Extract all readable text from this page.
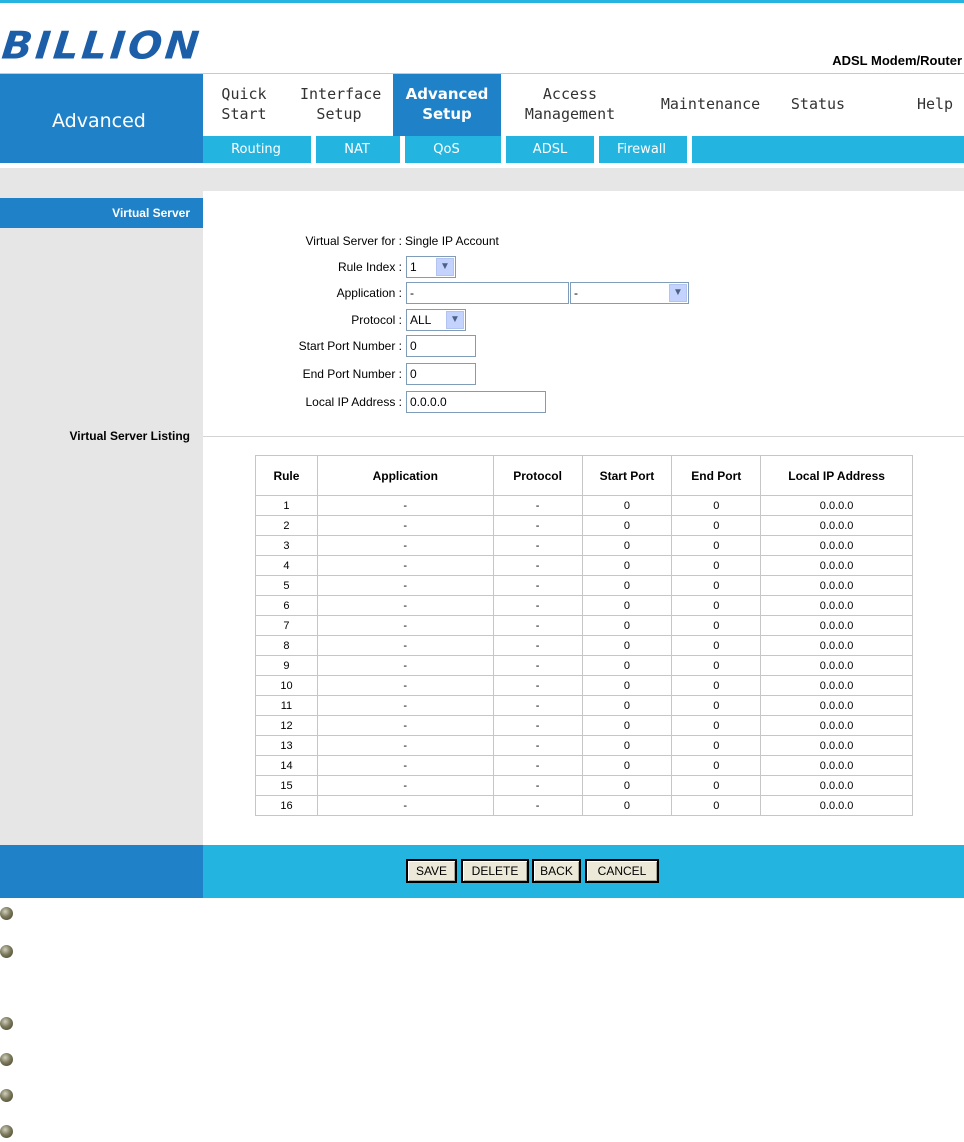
BILLION	ADSL Modem/Router
Advanced
Quick
Start
Interface
Setup
Advanced
Setup
Access
Management
Maintenance Status	Help
Routing	NAT	QoS	ADSL	Firewall
Virtual Server
Virtual Server for : Single IP Account
Rule Index : 1	▼
Application : -	-	▼
Protocol : ALL	▼
Start Port Number : 0
End Port Number : 0
Local IP Address : 0.0.0.0
Virtual Server Listing
Rule	Application	Protocol	Start Port	End Port	Local IP Address
1	-	-	0	0	0.0.0.0
2	-	-	0	0	0.0.0.0
3	-	-	0	0	0.0.0.0
4	-	-	0	0	0.0.0.0
5	-	-	0	0	0.0.0.0
6	-	-	0	0	0.0.0.0
7	-	-	0	0	0.0.0.0
8	-	-	0	0	0.0.0.0
9	-	-	0	0	0.0.0.0
10	-	-	0	0	0.0.0.0
11	-	-	0	0	0.0.0.0
12	-	-	0	0	0.0.0.0
13	-	-	0	0	0.0.0.0
14	-	-	0	0	0.0.0.0
15	-	-	0	0	0.0.0.0
16	-	-	0	0	0.0.0.0
SAVE	DELETE	BACK	CANCEL
